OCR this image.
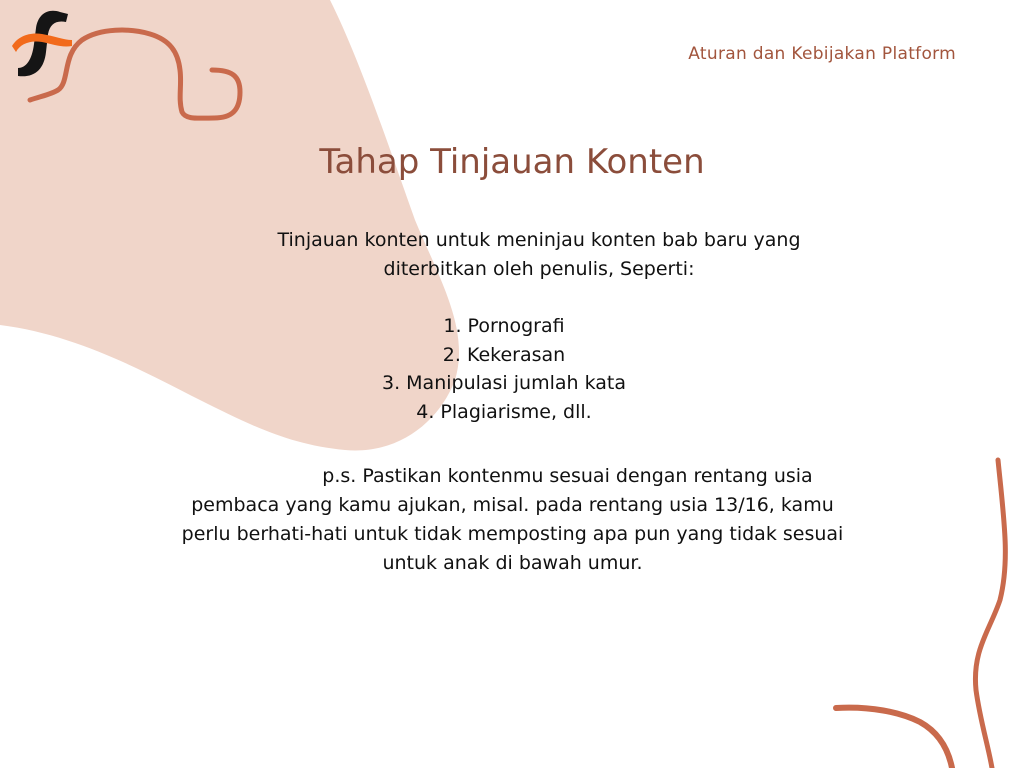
Aturan dan Kebijakan Platform
Tahap Tinjauan Konten

Tinjauan konten untuk meninjau konten bab baru yang

diterbitkan oleh penulis, Seperti:

1. Pornografi
2. Kekerasan
3. Manipulasi jumlah kata
4. Plagiarisme, dll.

p.s. Pastikan kontenmu sesuai dengan rentang usia

pembaca yang kamu ajukan, misal. pada rentang usia 13/16, kamu

perlu berhati-hati untuk tidak memposting apa pun yang tidak sesuai

untuk anak di bawah umur.
